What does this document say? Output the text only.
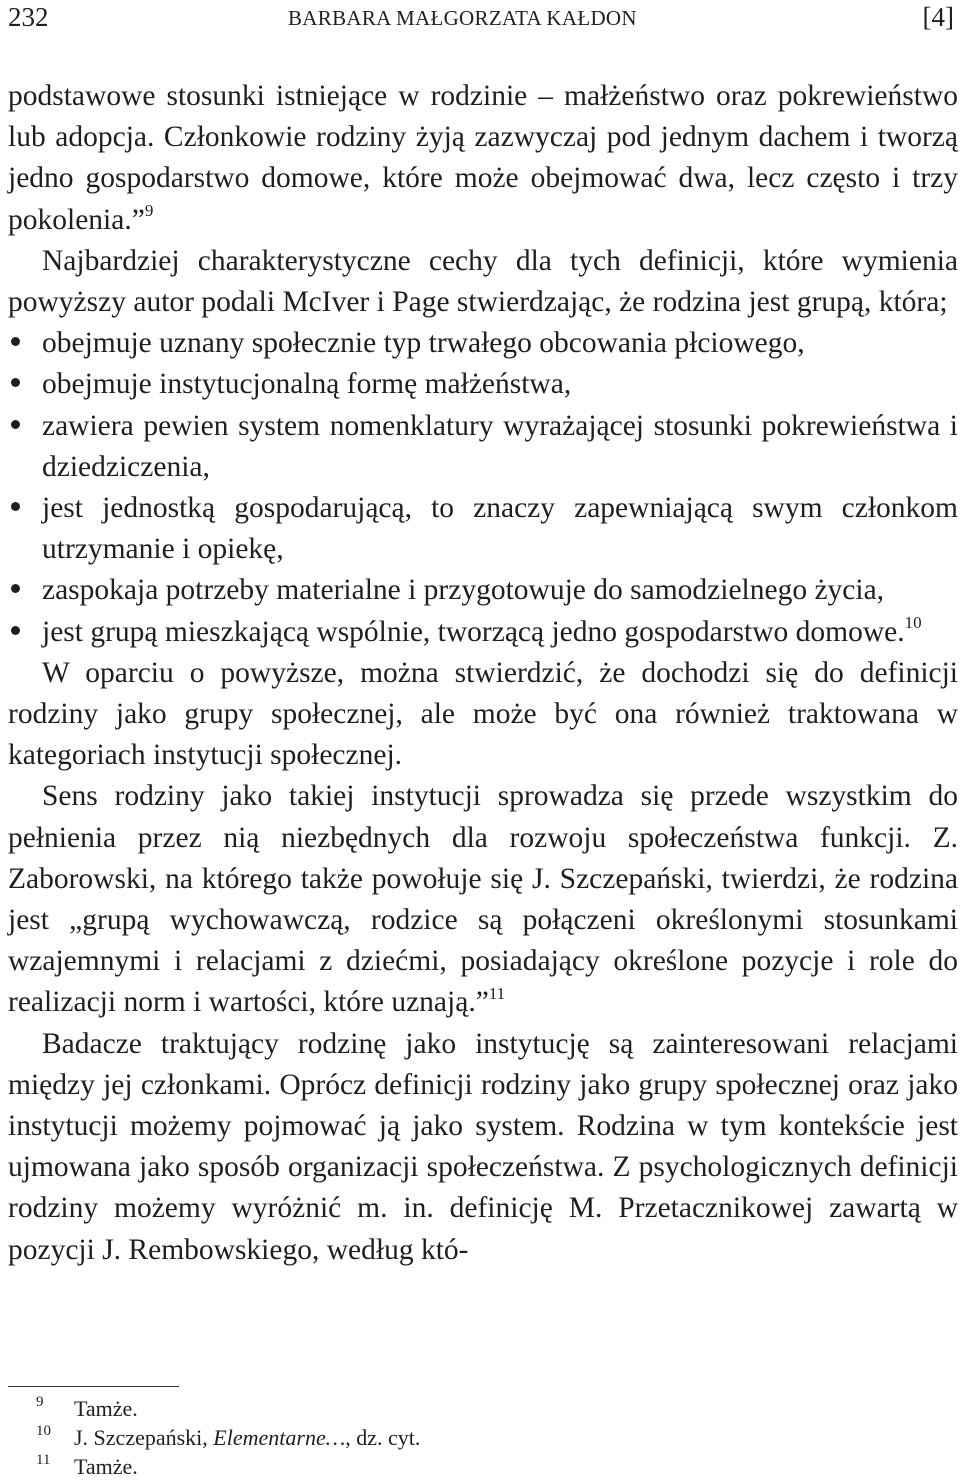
232	BARBARA MAŁGORZATA KAŁDON	[4]

podstawowe stosunki istniejące w rodzinie – małżeństwo oraz pokrewieństwo lub adopcja. Członkowie rodziny żyją zazwyczaj pod jednym dachem i tworzą jedno gospodarstwo domowe, które może obejmować dwa, lecz często i trzy pokolenia.”$^9$

Najbardziej charakterystyczne cechy dla tych definicji, które wymienia powyższy autor podali McIver i Page stwierdzając, że rodzina jest grupą, która;

obejmuje uznany społecznie typ trwałego obcowania płciowego,
obejmuje instytucjonalną formę małżeństwa,
zawiera pewien system nomenklatury wyrażającej stosunki pokrewieństwa i dziedziczenia,
jest jednostką gospodarującą, to znaczy zapewniającą swym członkom utrzymanie i opiekę,
zaspokaja potrzeby materialne i przygotowuje do samodzielnego życia,
jest grupą mieszkającą wspólnie, tworzącą jedno gospodarstwo domowe.$^{10}$

W oparciu o powyższe, można stwierdzić, że dochodzi się do definicji rodziny jako grupy społecznej, ale może być ona również traktowana w kategoriach instytucji społecznej.

Sens rodziny jako takiej instytucji sprowadza się przede wszystkim do pełnienia przez nią niezbędnych dla rozwoju społeczeństwa funkcji. Z. Zaborowski, na którego także powołuje się J. Szczepański, twierdzi, że rodzina jest „grupą wychowawczą, rodzice są połączeni określonymi stosunkami wzajemnymi i relacjami z dziećmi, posiadający określone pozycje i role do realizacji norm i wartości, które uznają.”$^{11}$

Badacze traktujący rodzinę jako instytucję są zainteresowani relacjami między jej członkami. Oprócz definicji rodziny jako grupy społecznej oraz jako instytucji możemy pojmować ją jako system. Rodzina w tym kontekście jest ujmowana jako sposób organizacji społeczeństwa. Z psychologicznych definicji rodziny możemy wyróżnić m. in. definicję M. Przetacznikowej zawartą w pozycji J. Rembowskiego, według któ-

9 Tamże.
10 J. Szczepański, Elementarne…, dz. cyt.
11 Tamże.
